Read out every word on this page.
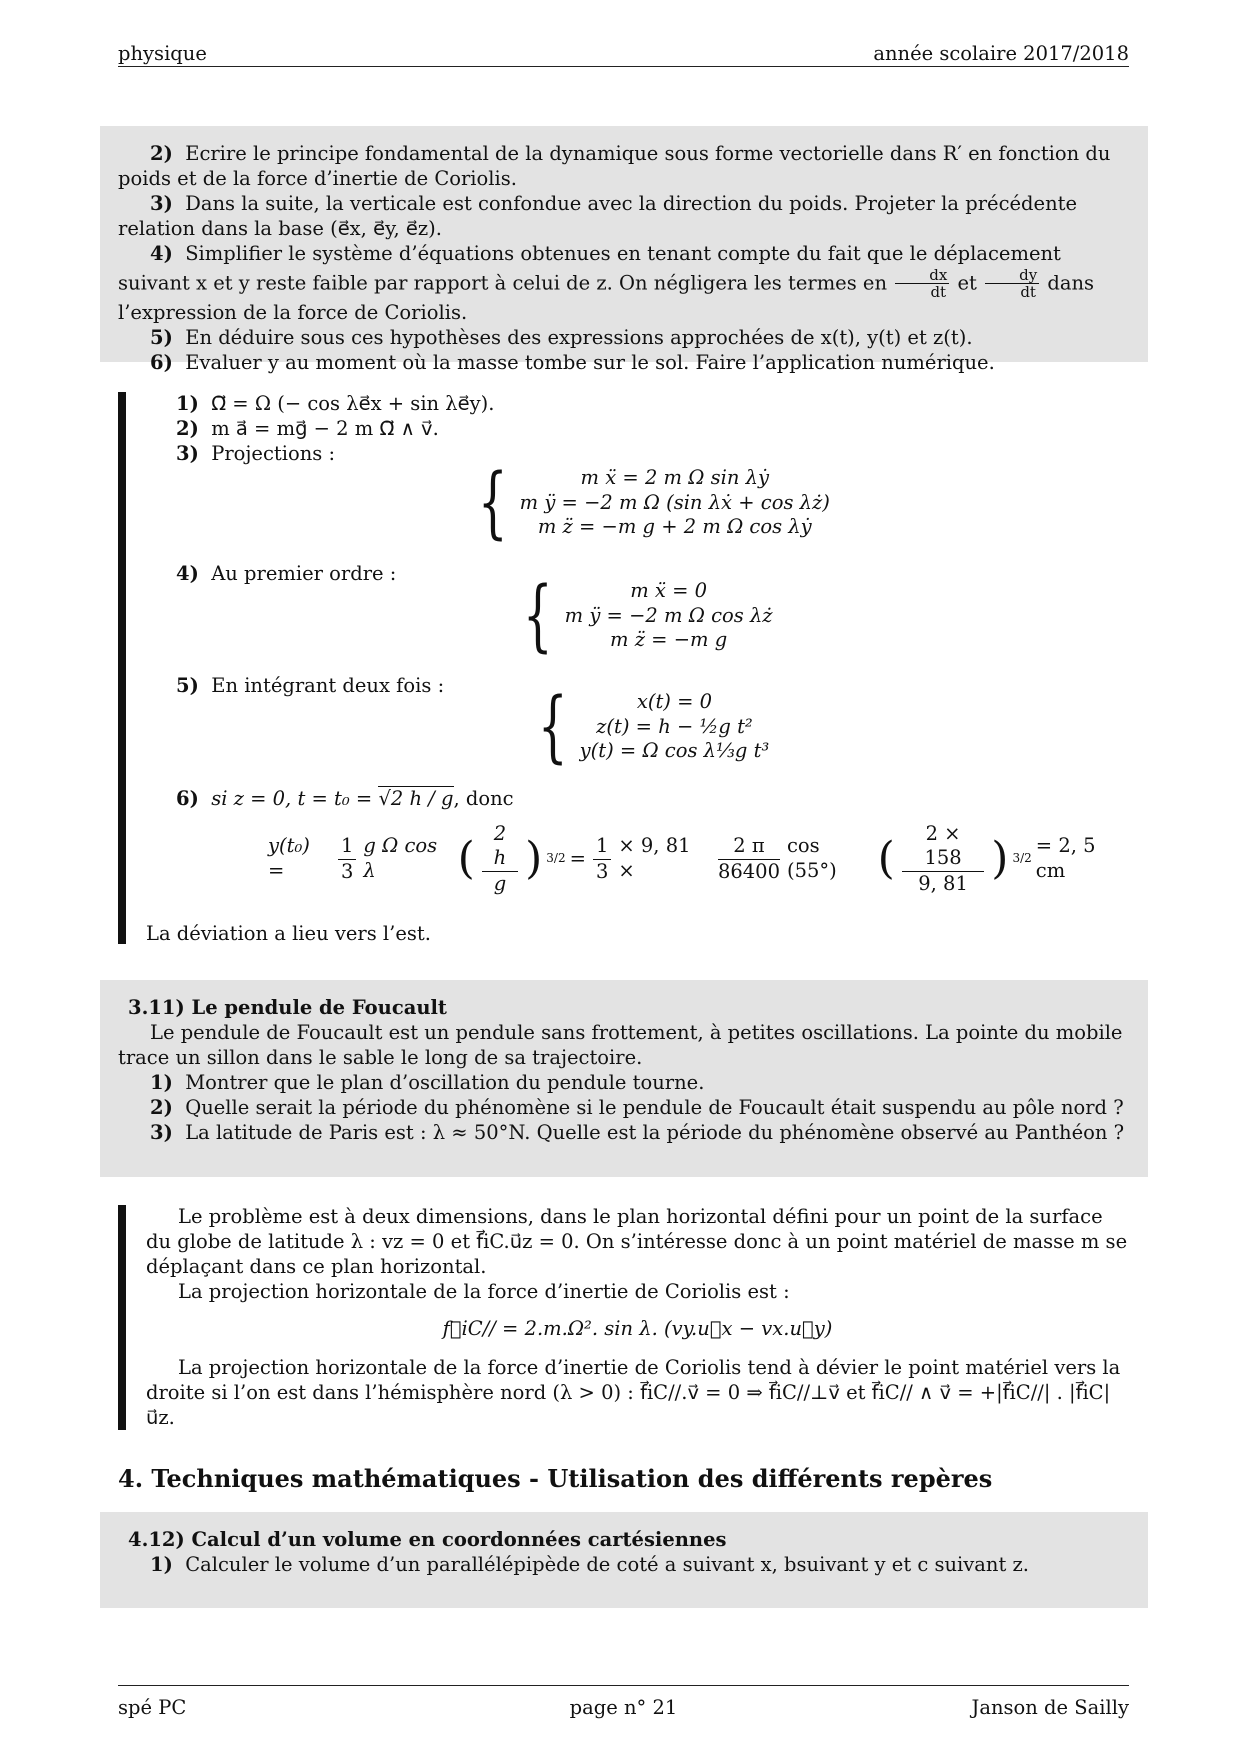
physique	année scolaire 2017/2018
2) Ecrire le principe fondamental de la dynamique sous forme vectorielle dans R′ en fonction du poids et de la force d’inertie de Coriolis.
3) Dans la suite, la verticale est confondue avec la direction du poids. Projeter la précédente relation dans la base (e⃗x, e⃗y, e⃗z).
4) Simplifier le système d’équations obtenues en tenant compte du fait que le déplacement suivant x et y reste faible par rapport à celui de z. On négligera les termes en $\frac{dx}{dt}$ et $\frac{dy}{dt}$ dans l’expression de la force de Coriolis.
5) En déduire sous ces hypothèses des expressions approchées de x(t), y(t) et z(t).
6) Evaluer y au moment où la masse tombe sur le sol. Faire l’application numérique.
1) Ω⃗ = Ω (− cos λe⃗x + sin λe⃗y).
2) m a⃗ = mg⃗ − 2 m Ω⃗ ∧ v⃗.
3) Projections :
{	m ẍ = 2 m Ω sin λẏ
m ÿ = −2 m Ω (sin λẋ + cos λż)
m z̈ = −m g + 2 m Ω cos λẏ
4) Au premier ordre : {	m ẍ = 0
m ÿ = −2 m Ω cos λż
m z̈ = −m g
5) En intégrant deux fois : {	x(t) = 0
z(t) = h − ½g t²
y(t) = Ω cos λ⅓g t³
6) si z = 0, t = t₀ = √2 h / g, donc
y(t₀) =	$\frac{1}{3}$ g Ω cos λ	( 2 h
g ) $3/2 = \frac{1}{3} \times 9$, 81 ×	$\frac{2 \pi}{86400}$ cos (55°) (	2 × 158
9, 81 ) 3/2
= 2, 5 cm
La déviation a lieu vers l’est.
3.11) Le pendule de Foucault
Le pendule de Foucault est un pendule sans frottement, à petites oscillations. La pointe du mobile trace un sillon dans le sable le long de sa trajectoire.
1) Montrer que le plan d’oscillation du pendule tourne.
2) Quelle serait la période du phénomène si le pendule de Foucault était suspendu au pôle nord ?
3) La latitude de Paris est : λ ≈ 50°N. Quelle est la période du phénomène observé au Panthéon ?
Le problème est à deux dimensions, dans le plan horizontal défini pour un point de la surface du globe de latitude λ : vz = 0 et f⃗iC.u⃗z = 0. On s’intéresse donc à un point matériel de masse m se déplaçant dans ce plan horizontal.
La projection horizontale de la force d’inertie de Coriolis est :
f⃗iC// = 2.m.Ω². sin λ. (vy.u⃗x − vx.u⃗y)
La projection horizontale de la force d’inertie de Coriolis tend à dévier le point matériel vers la droite si l’on est dans l’hémisphère nord (λ > 0) : f⃗iC//.v⃗ = 0 ⇒ f⃗iC//⊥v⃗ et f⃗iC// ∧ v⃗ = +|f⃗iC//| . |f⃗iC| u⃗z.
4. Techniques mathématiques - Utilisation des différents repères
4.12) Calcul d’un volume en coordonnées cartésiennes
1) Calculer le volume d’un parallélépipède de coté a suivant x, bsuivant y et c suivant z.
spé PC	page n° 21	Janson de Sailly
